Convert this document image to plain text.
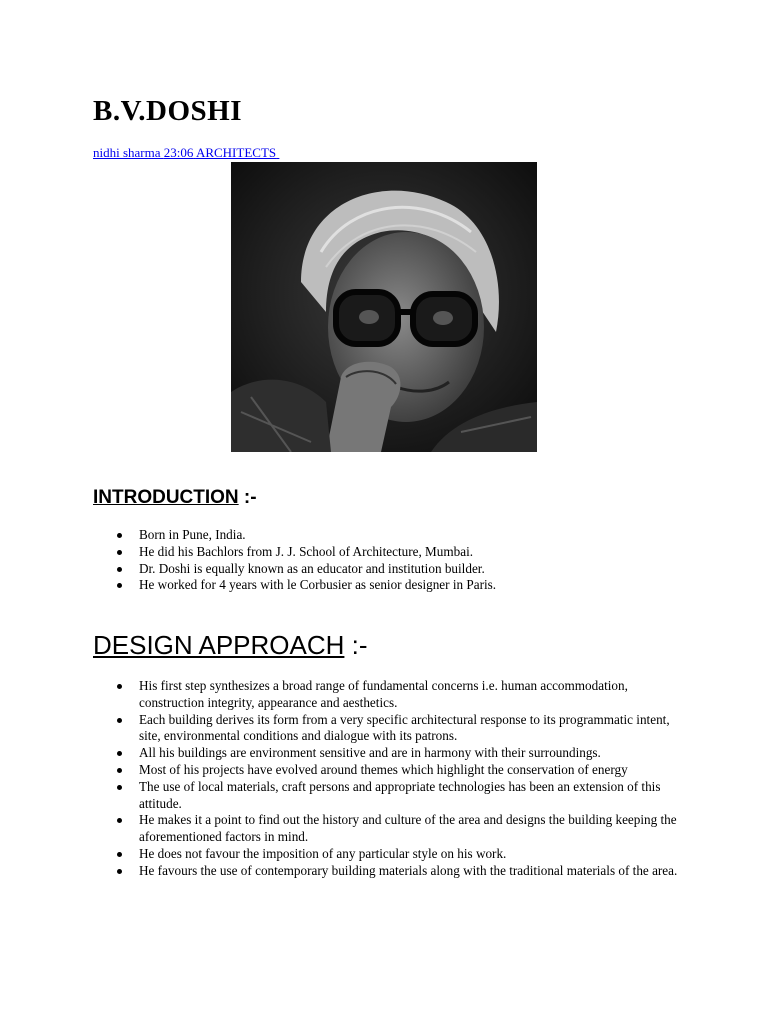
B.V.DOSHI
nidhi sharma 23:06 ARCHITECTS
INTRODUCTION :-
Born in Pune, India.
He did his Bachlors from J. J. School of Architecture, Mumbai.
Dr. Doshi is equally known as an educator and institution builder.
He worked for 4 years with le Corbusier as senior designer in Paris.
DESIGN APPROACH :-
His first step synthesizes a broad range of fundamental concerns i.e. human accommodation, construction integrity, appearance and aesthetics.
Each building derives its form from a very specific architectural response to its programmatic intent, site, environmental conditions and dialogue with its patrons.
All his buildings are environment sensitive and are in harmony with their surroundings.
Most of his projects have evolved around themes which highlight the conservation of energy
The use of local materials, craft persons and appropriate technologies has been an extension of this attitude.
He makes it a point to find out the history and culture of the area and designs the building keeping the aforementioned factors in mind.
He does not favour the imposition of any particular style on his work.
He favours the use of contemporary building materials along with the traditional materials of the area.
